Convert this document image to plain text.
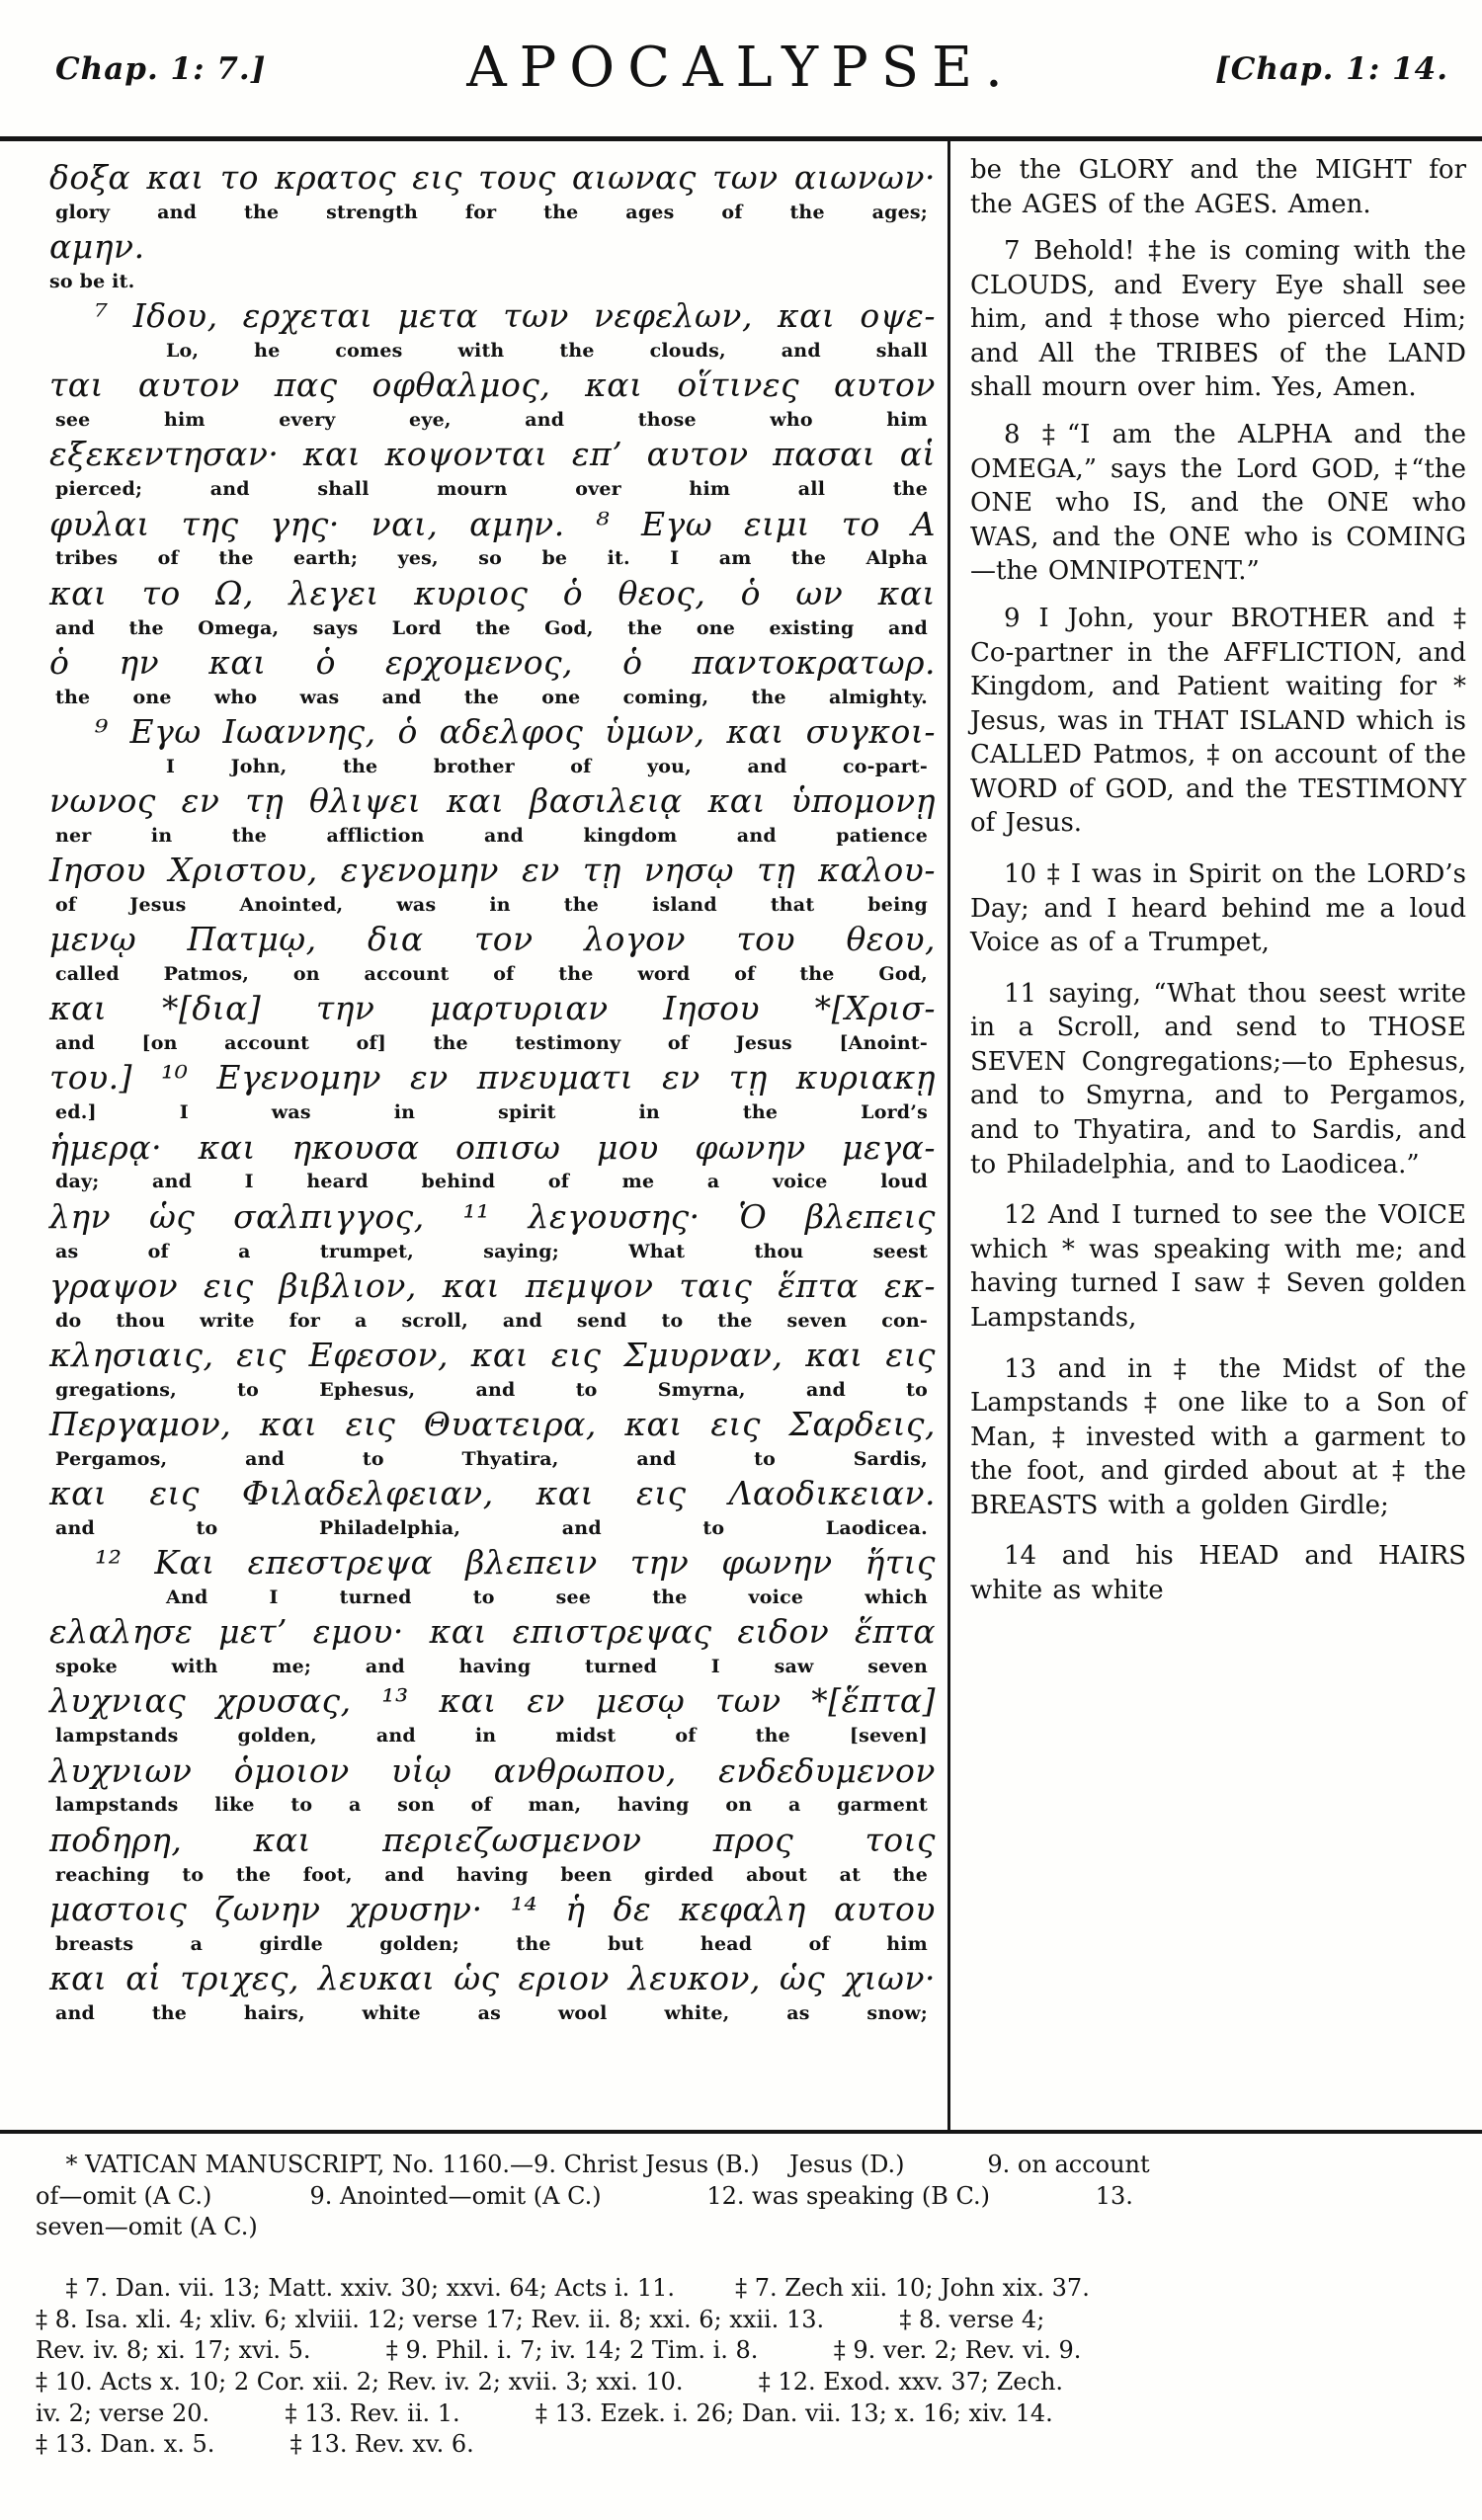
Chap. 1: 7.]	APOCALYPSE.	[Chap. 1: 14.
δοξα και το κρατος εις τους αιωνας των αιωνων·
glory and the strength for the ages of the ages;
αμην.
so be it.
⁷ Ιδου, ερχεται μετα των νεφελων, και οψε-
Lo, he comes with the clouds, and shall
ται αυτον πας οφθαλμος, και οἵτινες αυτον
see him every eye, and those who him
εξεκεντησαν· και κοψονται επ’ αυτον πασαι αἱ
pierced; and shall mourn over him all the
φυλαι της γης· ναι, αμην. ⁸ Εγω ειμι το Α
tribes of the earth; yes, so be it. I am the Alpha
και το Ω, λεγει κυριος ὁ θεος, ὁ ων και
and the Omega, says Lord the God, the one existing and
ὁ ην και ὁ ερχομενος, ὁ παντοκρατωρ.
the one who was and the one coming, the almighty.
⁹ Εγω Ιωαννης, ὁ αδελφος ὑμων, και συγκοι-
I John, the brother of you, and co-part-
νωνος εν τῃ θλιψει και βασιλειᾳ και ὑπομονῃ
ner in the affliction and kingdom and patience
Ιησου Χριστου, εγενομην εν τῃ νησῳ τῃ καλου-
of Jesus Anointed, was in the island that being
μενῳ Πατμῳ, δια τον λογον του θεου,
called Patmos, on account of the word of the God,
και *[δια] την μαρτυριαν Ιησου *[Χρισ-
and [on account of] the testimony of Jesus [Anoint-
του.] ¹⁰ Εγενομην εν πνευματι εν τῃ κυριακῃ
ed.] I was in spirit in the Lord’s
ἡμερᾳ· και ηκουσα οπισω μου φωνην μεγα-
day; and I heard behind of me a voice loud
λην ὡς σαλπιγγος, ¹¹ λεγουσης· Ὁ βλεπεις
as of a trumpet, saying; What thou seest
γραψον εις βιβλιον, και πεμψον ταις ἕπτα εκ-
do thou write for a scroll, and send to the seven con-
κλησιαις, εις Εφεσον, και εις Σμυρναν, και εις
gregations, to Ephesus, and to Smyrna, and to
Περγαμον, και εις Θυατειρα, και εις Σαρδεις,
Pergamos, and to Thyatira, and to Sardis,
και εις Φιλαδελφειαν, και εις Λαοδικειαν.
and to Philadelphia, and to Laodicea.
¹² Και επεστρεψα βλεπειν την φωνην ἥτις
And I turned to see the voice which
ελαλησε μετ’ εμου· και επιστρεψας ειδον ἕπτα
spoke with me; and having turned I saw seven
λυχνιας χρυσας, ¹³ και εν μεσῳ των *[ἕπτα]
lampstands golden, and in midst of the [seven]
λυχνιων ὁμοιον υἱῳ ανθρωπου, ενδεδυμενον
lampstands like to a son of man, having on a garment
ποδηρη, και περιεζωσμενον προς τοις
reaching to the foot, and having been girded about at the
μαστοις ζωνην χρυσην· ¹⁴ ἡ δε κεφαλη αυτου
breasts a girdle golden; the but head of him
και αἱ τριχες, λευκαι ὡς εριον λευκον, ὡς χιων·
and the hairs, white as wool white, as snow;

be the GLORY and the MIGHT for the AGES of the AGES. Amen.

7 Behold! ‡he is coming with the CLOUDS, and Every Eye shall see him, and ‡those who pierced Him; and All the TRIBES of the LAND shall mourn over him. Yes, Amen.

8 ‡“I am the ALPHA and the OMEGA,” says the Lord GOD, ‡“the ONE who IS, and the ONE who WAS, and the ONE who is COMING—the OMNIPOTENT.”

9 I John, your BROTHER and ‡ Co-partner in the AFFLICTION, and Kingdom, and Patient waiting for * Jesus, was in THAT ISLAND which is CALLED Patmos, ‡ on account of the WORD of GOD, and the TESTIMONY of Jesus.

10 ‡ I was in Spirit on the LORD’s Day; and I heard behind me a loud Voice as of a Trumpet,

11 saying, “What thou seest write in a Scroll, and send to THOSE SEVEN Congregations;—to Ephesus, and to Smyrna, and to Pergamos, and to Thyatira, and to Sardis, and to Philadelphia, and to Laodicea.”

12 And I turned to see the VOICE which * was speaking with me; and having turned I saw ‡ Seven golden Lampstands,

13 and in ‡ the Midst of the Lampstands ‡ one like to a Son of Man, ‡ invested with a garment to the foot, and girded about at ‡ the BREASTS with a golden Girdle;

14 and his HEAD and HAIRS white as white

* VATICAN MANUSCRIPT, No. 1160.—9. Christ Jesus (B.)    Jesus (D.)           9. on account
of—omit (A C.)             9. Anointed—omit (A C.)              12. was speaking (B C.)              13.
seven—omit (A C.)
‡ 7. Dan. vii. 13; Matt. xxiv. 30; xxvi. 64; Acts i. 11.        ‡ 7. Zech xii. 10; John xix. 37.
‡ 8. Isa. xli. 4; xliv. 6; xlviii. 12; verse 17; Rev. ii. 8; xxi. 6; xxii. 13.          ‡ 8. verse 4;
Rev. iv. 8; xi. 17; xvi. 5.          ‡ 9. Phil. i. 7; iv. 14; 2 Tim. i. 8.          ‡ 9. ver. 2; Rev. vi. 9.
‡ 10. Acts x. 10; 2 Cor. xii. 2; Rev. iv. 2; xvii. 3; xxi. 10.          ‡ 12. Exod. xxv. 37; Zech.
iv. 2; verse 20.          ‡ 13. Rev. ii. 1.          ‡ 13. Ezek. i. 26; Dan. vii. 13; x. 16; xiv. 14.
‡ 13. Dan. x. 5.          ‡ 13. Rev. xv. 6.
